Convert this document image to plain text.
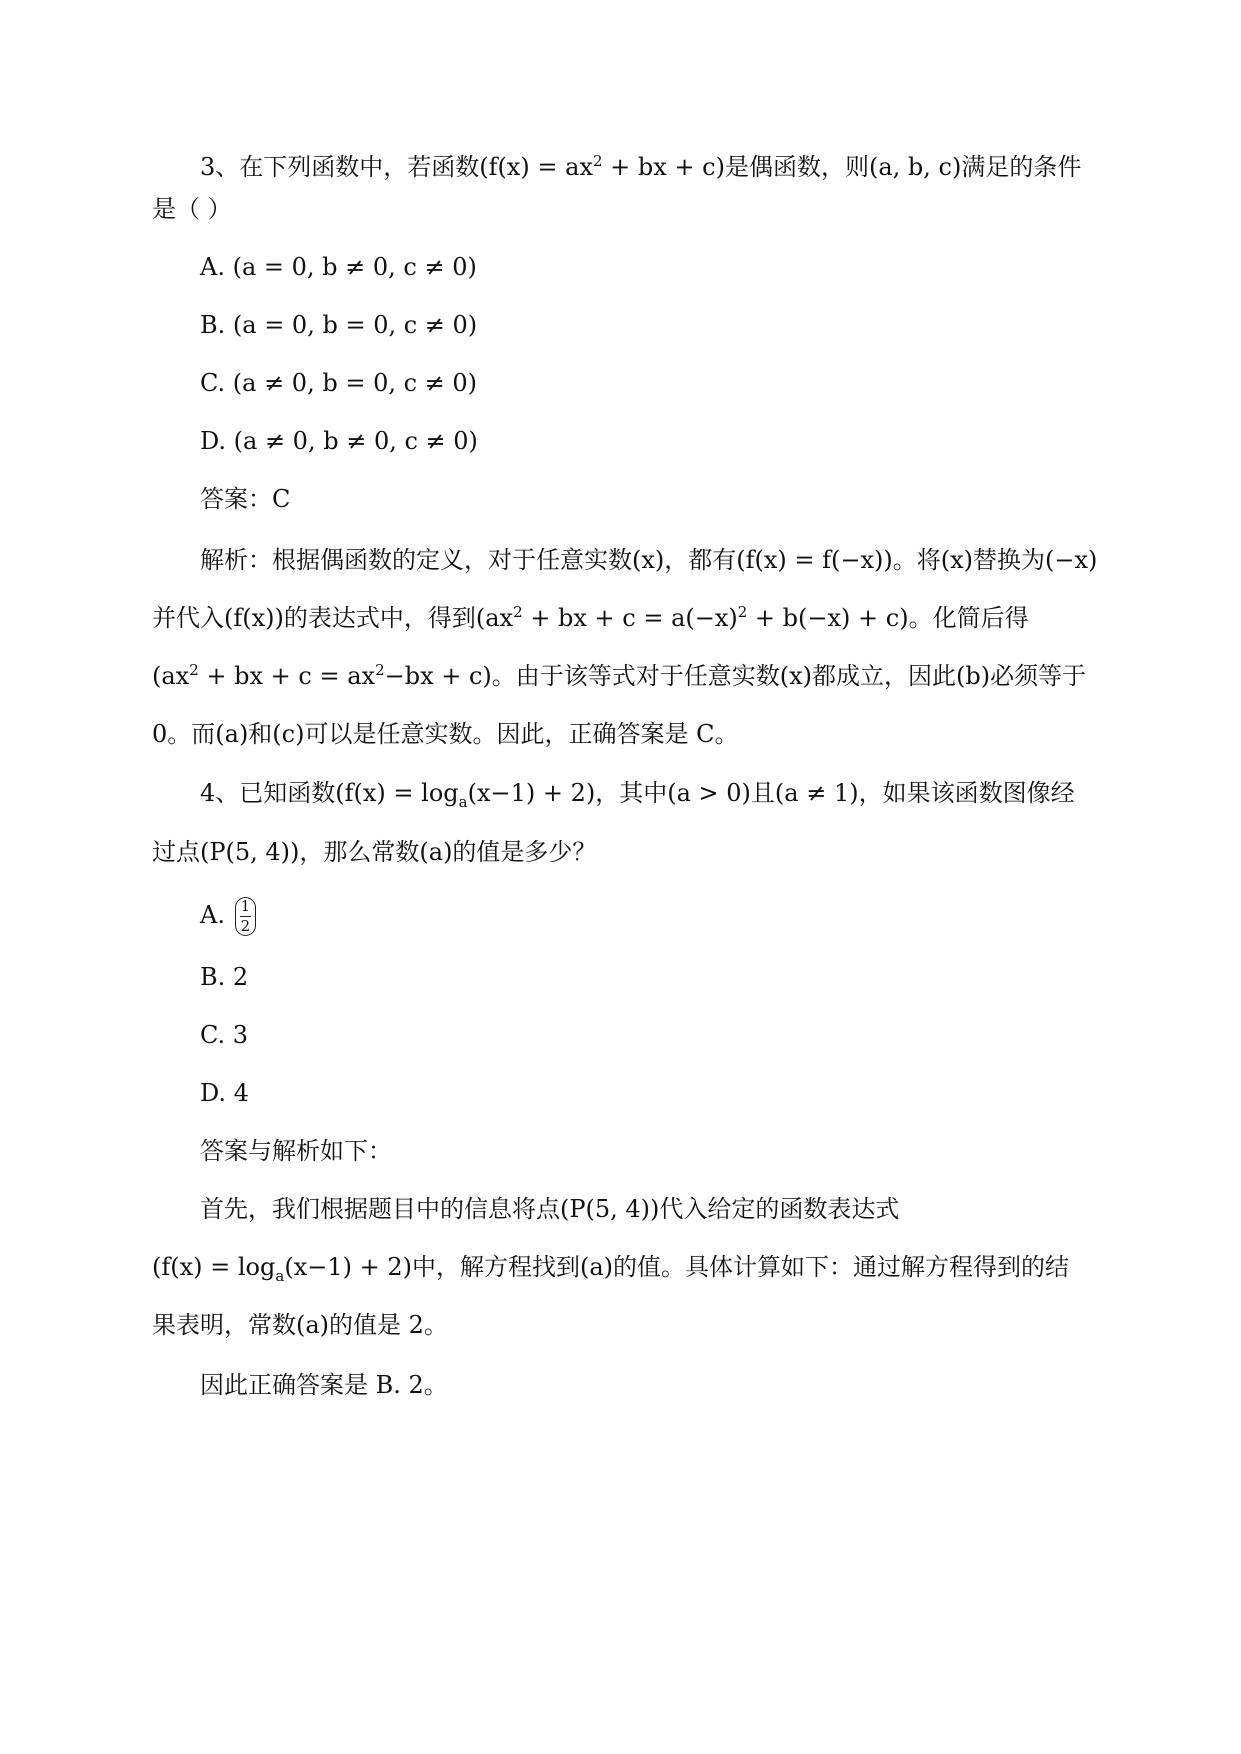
3、在下列函数中，若函数($f(x) = ax^2$ + bx + c)是偶函数，则(a, b, c)满足的条件
是（ ）
A. (a = 0, b ≠ 0, c ≠ 0)
B. (a = 0, b = 0, c ≠ 0)
C. (a ≠ 0, b = 0, c ≠ 0)
D. (a ≠ 0, b ≠ 0, c ≠ 0)
答案：C
解析：根据偶函数的定义，对于任意实数(x)，都有(f(x) = f(−x))。将(x)替换为(−x)
并代入(f(x))的表达式中，得到($ax^2$ + bx + $c = a(-x)^2 + b(-x) + c$)。化简后得
($ax^2$ + bx + $c = ax^2-bx + c$)。由于该等式对于任意实数(x)都成立，因此(b)必须等于
0。而(a)和(c)可以是任意实数。因此，正确答案是 C。
4、已知函数$(f(x) = \log_a(x-1) + 2)$，其中(a > 0)且(a ≠ 1)，如果该函数图像经
过点(P(5, 4))，那么常数(a)的值是多少？
A. $\frac{1}{2}$
B. 2
C. 3
D. 4
答案与解析如下：
首先，我们根据题目中的信息将点(P(5, 4))代入给定的函数表达式
$(f(x) = \log_a(x-1) + 2)$中，解方程找到(a)的值。具体计算如下：通过解方程得到的结
果表明，常数(a)的值是 2。
因此正确答案是 B. 2。
